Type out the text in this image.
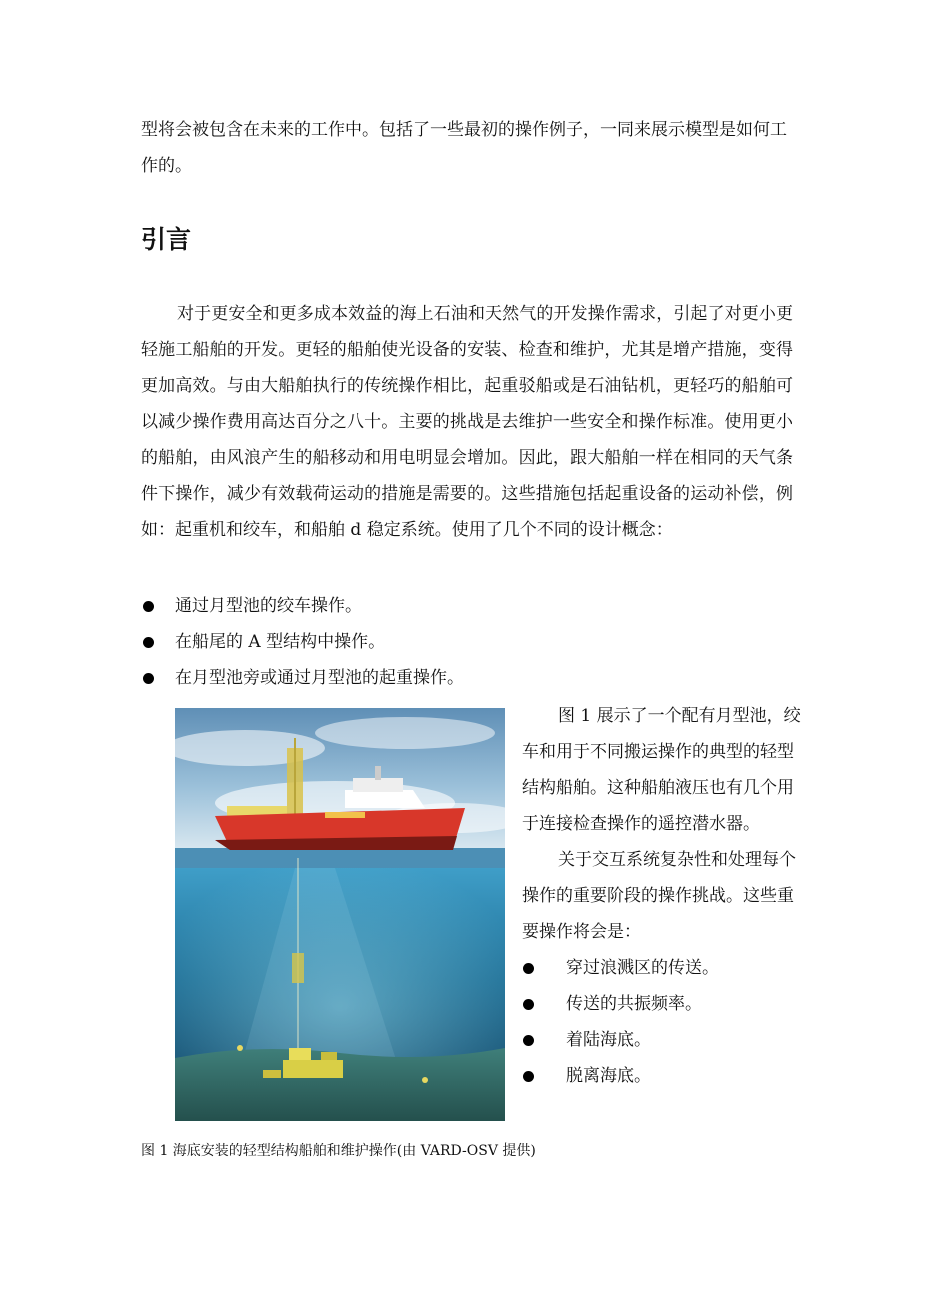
型将会被包含在未来的工作中。包括了一些最初的操作例子，一同来展示模型是如何工作的。

引言

对于更安全和更多成本效益的海上石油和天然气的开发操作需求，引起了对更小更轻施工船舶的开发。更轻的船舶使光设备的安装、检查和维护，尤其是增产措施，变得更加高效。与由大船舶执行的传统操作相比，起重驳船或是石油钻机，更轻巧的船舶可以减少操作费用高达百分之八十。主要的挑战是去维护一些安全和操作标准。使用更小的船舶，由风浪产生的船移动和用电明显会增加。因此，跟大船舶一样在相同的天气条件下操作，减少有效载荷运动的措施是需要的。这些措施包括起重设备的运动补偿，例如：起重机和绞车，和船舶 d 稳定系统。使用了几个不同的设计概念：

通过月型池的绞车操作。
在船尾的 A 型结构中操作。
在月型池旁或通过月型池的起重操作。

图 1 展示了一个配有月型池，绞车和用于不同搬运操作的典型的轻型结构船舶。这种船舶液压也有几个用于连接检查操作的遥控潜水器。

关于交互系统复杂性和处理每个操作的重要阶段的操作挑战。这些重要操作将会是：

穿过浪溅区的传送。
传送的共振频率。
着陆海底。
脱离海底。

图 1 海底安装的轻型结构船舶和维护操作(由 VARD-OSV 提供)
